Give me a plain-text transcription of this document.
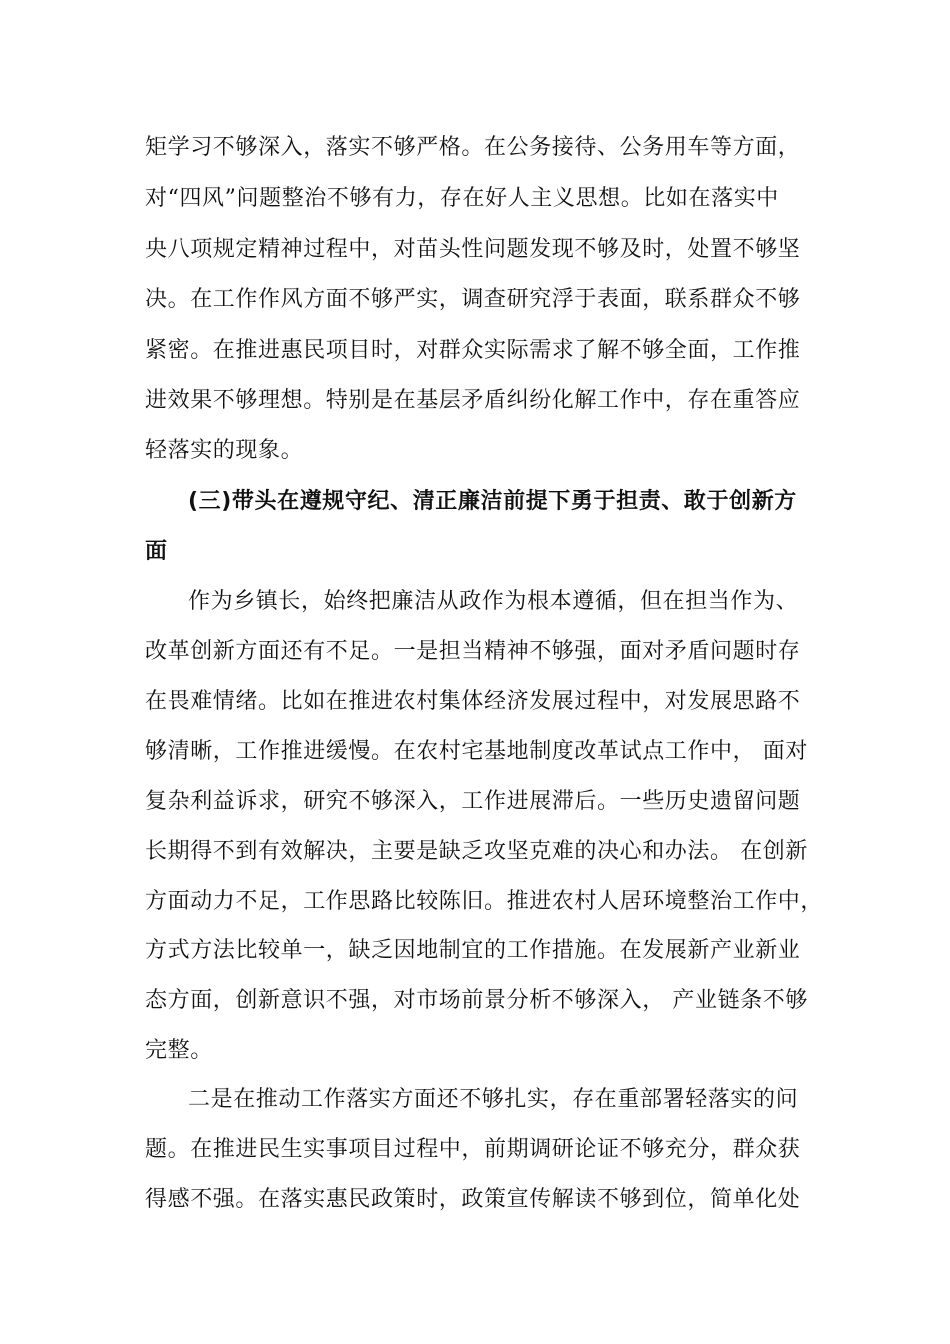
矩学习不够深入，落实不够严格。在公务接待、公务用车等方面，
对“四风”问题整治不够有力，存在好人主义思想。比如在落实中
央八项规定精神过程中，对苗头性问题发现不够及时，处置不够坚
决。在工作作风方面不够严实，调查研究浮于表面，联系群众不够
紧密。在推进惠民项目时，对群众实际需求了解不够全面，工作推
进效果不够理想。特别是在基层矛盾纠纷化解工作中，存在重答应
轻落实的现象。
(三)带头在遵规守纪、清正廉洁前提下勇于担责、敢于创新方
面
作为乡镇长，始终把廉洁从政作为根本遵循，但在担当作为、
改革创新方面还有不足。一是担当精神不够强，面对矛盾问题时存
在畏难情绪。比如在推进农村集体经济发展过程中，对发展思路不
够清晰，工作推进缓慢。在农村宅基地制度改革试点工作中， 面对
复杂利益诉求，研究不够深入，工作进展滞后。一些历史遗留问题
长期得不到有效解决，主要是缺乏攻坚克难的决心和办法。 在创新
方面动力不足，工作思路比较陈旧。推进农村人居环境整治工作中，
方式方法比较单一，缺乏因地制宜的工作措施。在发展新产业新业
态方面，创新意识不强，对市场前景分析不够深入， 产业链条不够
完整。
二是在推动工作落实方面还不够扎实，存在重部署轻落实的问
题。在推进民生实事项目过程中，前期调研论证不够充分，群众获
得感不强。在落实惠民政策时，政策宣传解读不够到位，简单化处
